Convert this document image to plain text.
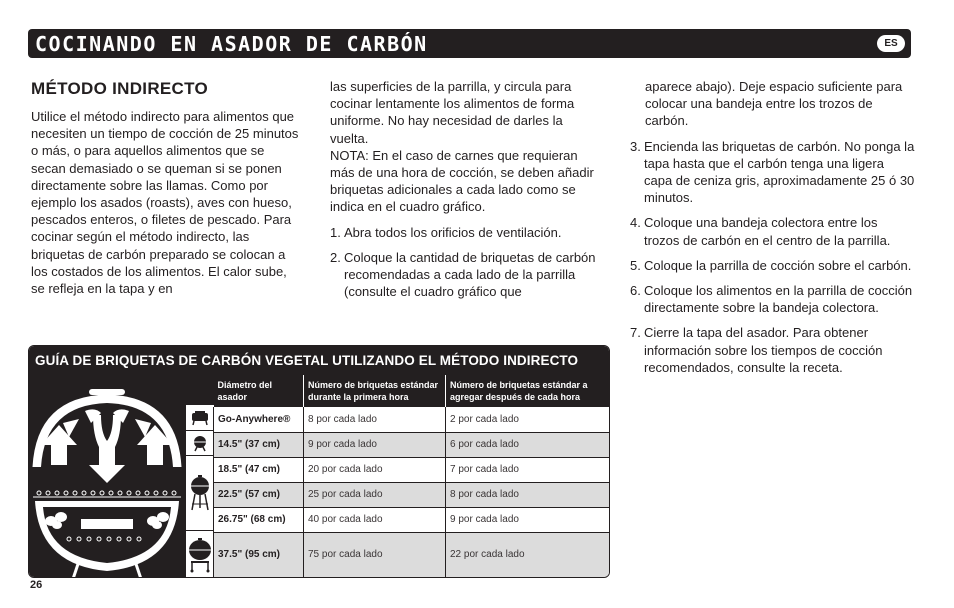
COCINANDO EN ASADOR DE CARBÓN	ES
MÉTODO INDIRECTO

Utilice el método indirecto para alimentos que necesiten un tiempo de cocción de 25 minutos o más, o para aquellos alimentos que se secan demasiado o se queman si se ponen directamente sobre las llamas. Como por ejemplo los asados (roasts), aves con hueso, pescados enteros, o filetes de pescado. Para cocinar según el método indirecto, las briquetas de carbón preparado se colocan a los costados de los alimentos. El calor sube, se refleja en la tapa y en

las superficies de la parrilla, y circula para cocinar lentamente los alimentos de forma uniforme. No hay necesidad de darles la vuelta.

NOTA: En el caso de carnes que requieran más de una hora de cocción, se deben añadir briquetas adicionales a cada lado como se indica en el cuadro gráfico.

1. Abra todos los orificios de ventilación.
2. Coloque la cantidad de briquetas de carbón recomendadas a cada lado de la parrilla (consulte el cuadro gráfico que

aparece abajo). Deje espacio suficiente para colocar una bandeja entre los trozos de carbón.

3. Encienda las briquetas de carbón. No ponga la tapa hasta que el carbón tenga una ligera capa de ceniza gris, aproximadamente 25 ó 30 minutos.
4. Coloque una bandeja colectora entre los trozos de carbón en el centro de la parrilla.
5. Coloque la parrilla de cocción sobre el carbón.
6. Coloque los alimentos en la parrilla de cocción directamente sobre la bandeja colectora.
7. Cierre la tapa del asador. Para obtener información sobre los tiempos de cocción recomendados, consulte la receta.
GUÍA DE BRIQUETAS DE CARBÓN VEGETAL UTILIZANDO EL MÉTODO INDIRECTO
Diámetro del asador	Número de briquetas estándar durante la primera hora	Número de briquetas estándar a agregar después de cada hora
Go-Anywhere®	8 por cada lado	2 por cada lado
14.5" (37 cm)	9 por cada lado	6 por cada lado
18.5" (47 cm)	20 por cada lado	7 por cada lado
22.5" (57 cm)	25 por cada lado	8 por cada lado
26.75" (68 cm)	40 por cada lado	9 por cada lado
37.5" (95 cm)	75 por cada lado	22 por cada lado
26
